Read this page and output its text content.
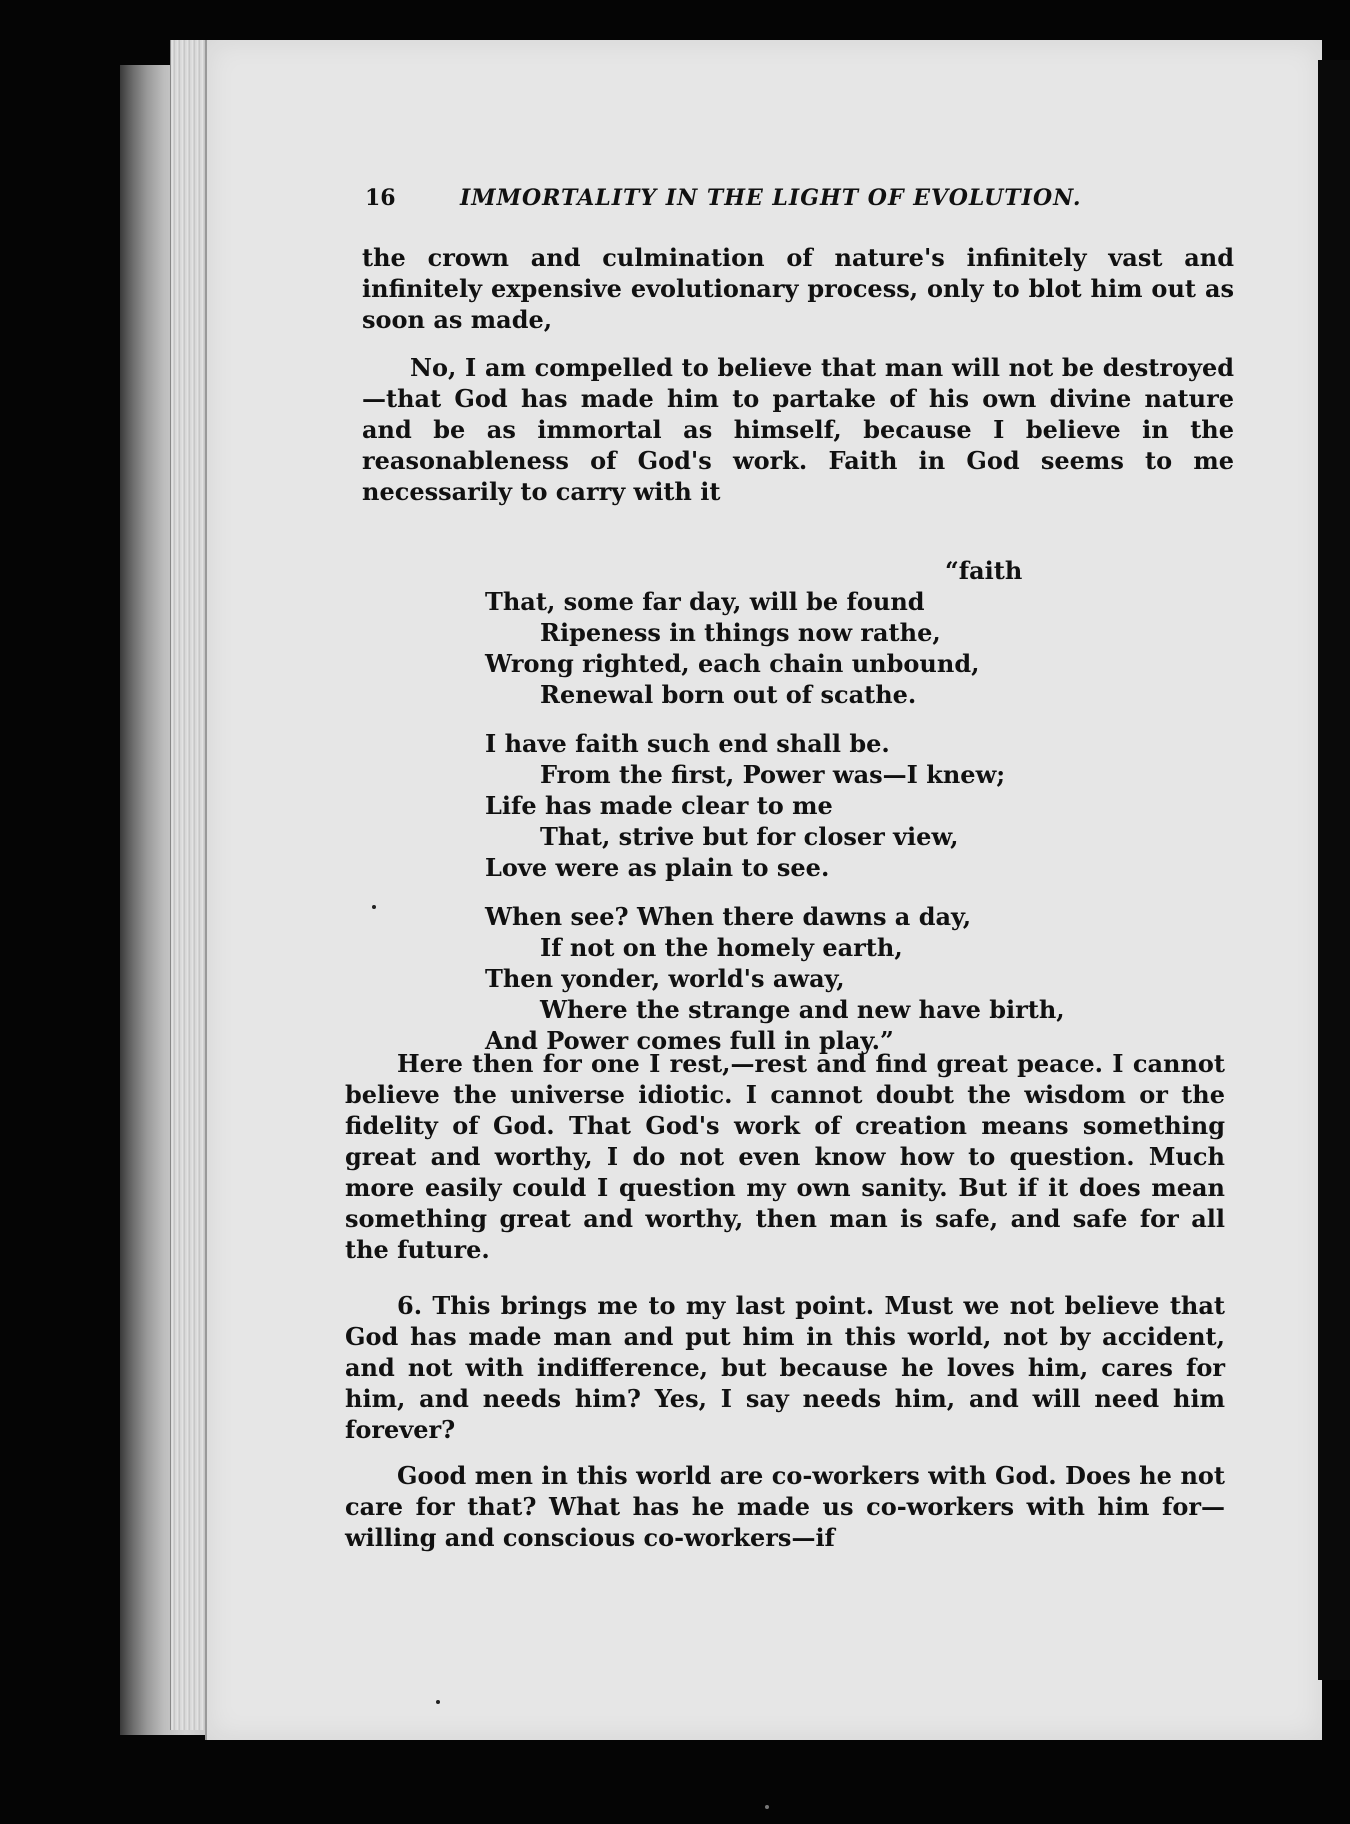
16	IMMORTALITY IN THE LIGHT OF EVOLUTION.
the crown and culmination of nature's infinitely vast and infinitely expensive evolutionary process, only to blot him out as soon as made,
No, I am compelled to believe that man will not be destroyed—that God has made him to partake of his own divine nature and be as immortal as himself, because I believe in the reasonableness of God's work. Faith in God seems to me necessarily to carry with it
“faith
That, some far day, will be found
Ripeness in things now rathe,
Wrong righted, each chain unbound,
Renewal born out of scathe.
I have faith such end shall be.
From the first, Power was—I knew;
Life has made clear to me
That, strive but for closer view,
Love were as plain to see.
When see? When there dawns a day,
If not on the homely earth,
Then yonder, world's away,
Where the strange and new have birth,
And Power comes full in play.”
Here then for one I rest,—rest and find great peace. I cannot believe the universe idiotic. I cannot doubt the wisdom or the fidelity of God. That God's work of creation means something great and worthy, I do not even know how to question. Much more easily could I question my own sanity. But if it does mean something great and worthy, then man is safe, and safe for all the future.
6. This brings me to my last point. Must we not believe that God has made man and put him in this world, not by accident, and not with indifference, but because he loves him, cares for him, and needs him? Yes, I say needs him, and will need him forever?
Good men in this world are co-workers with God. Does he not care for that? What has he made us co-workers with him for—willing and conscious co-workers—if
